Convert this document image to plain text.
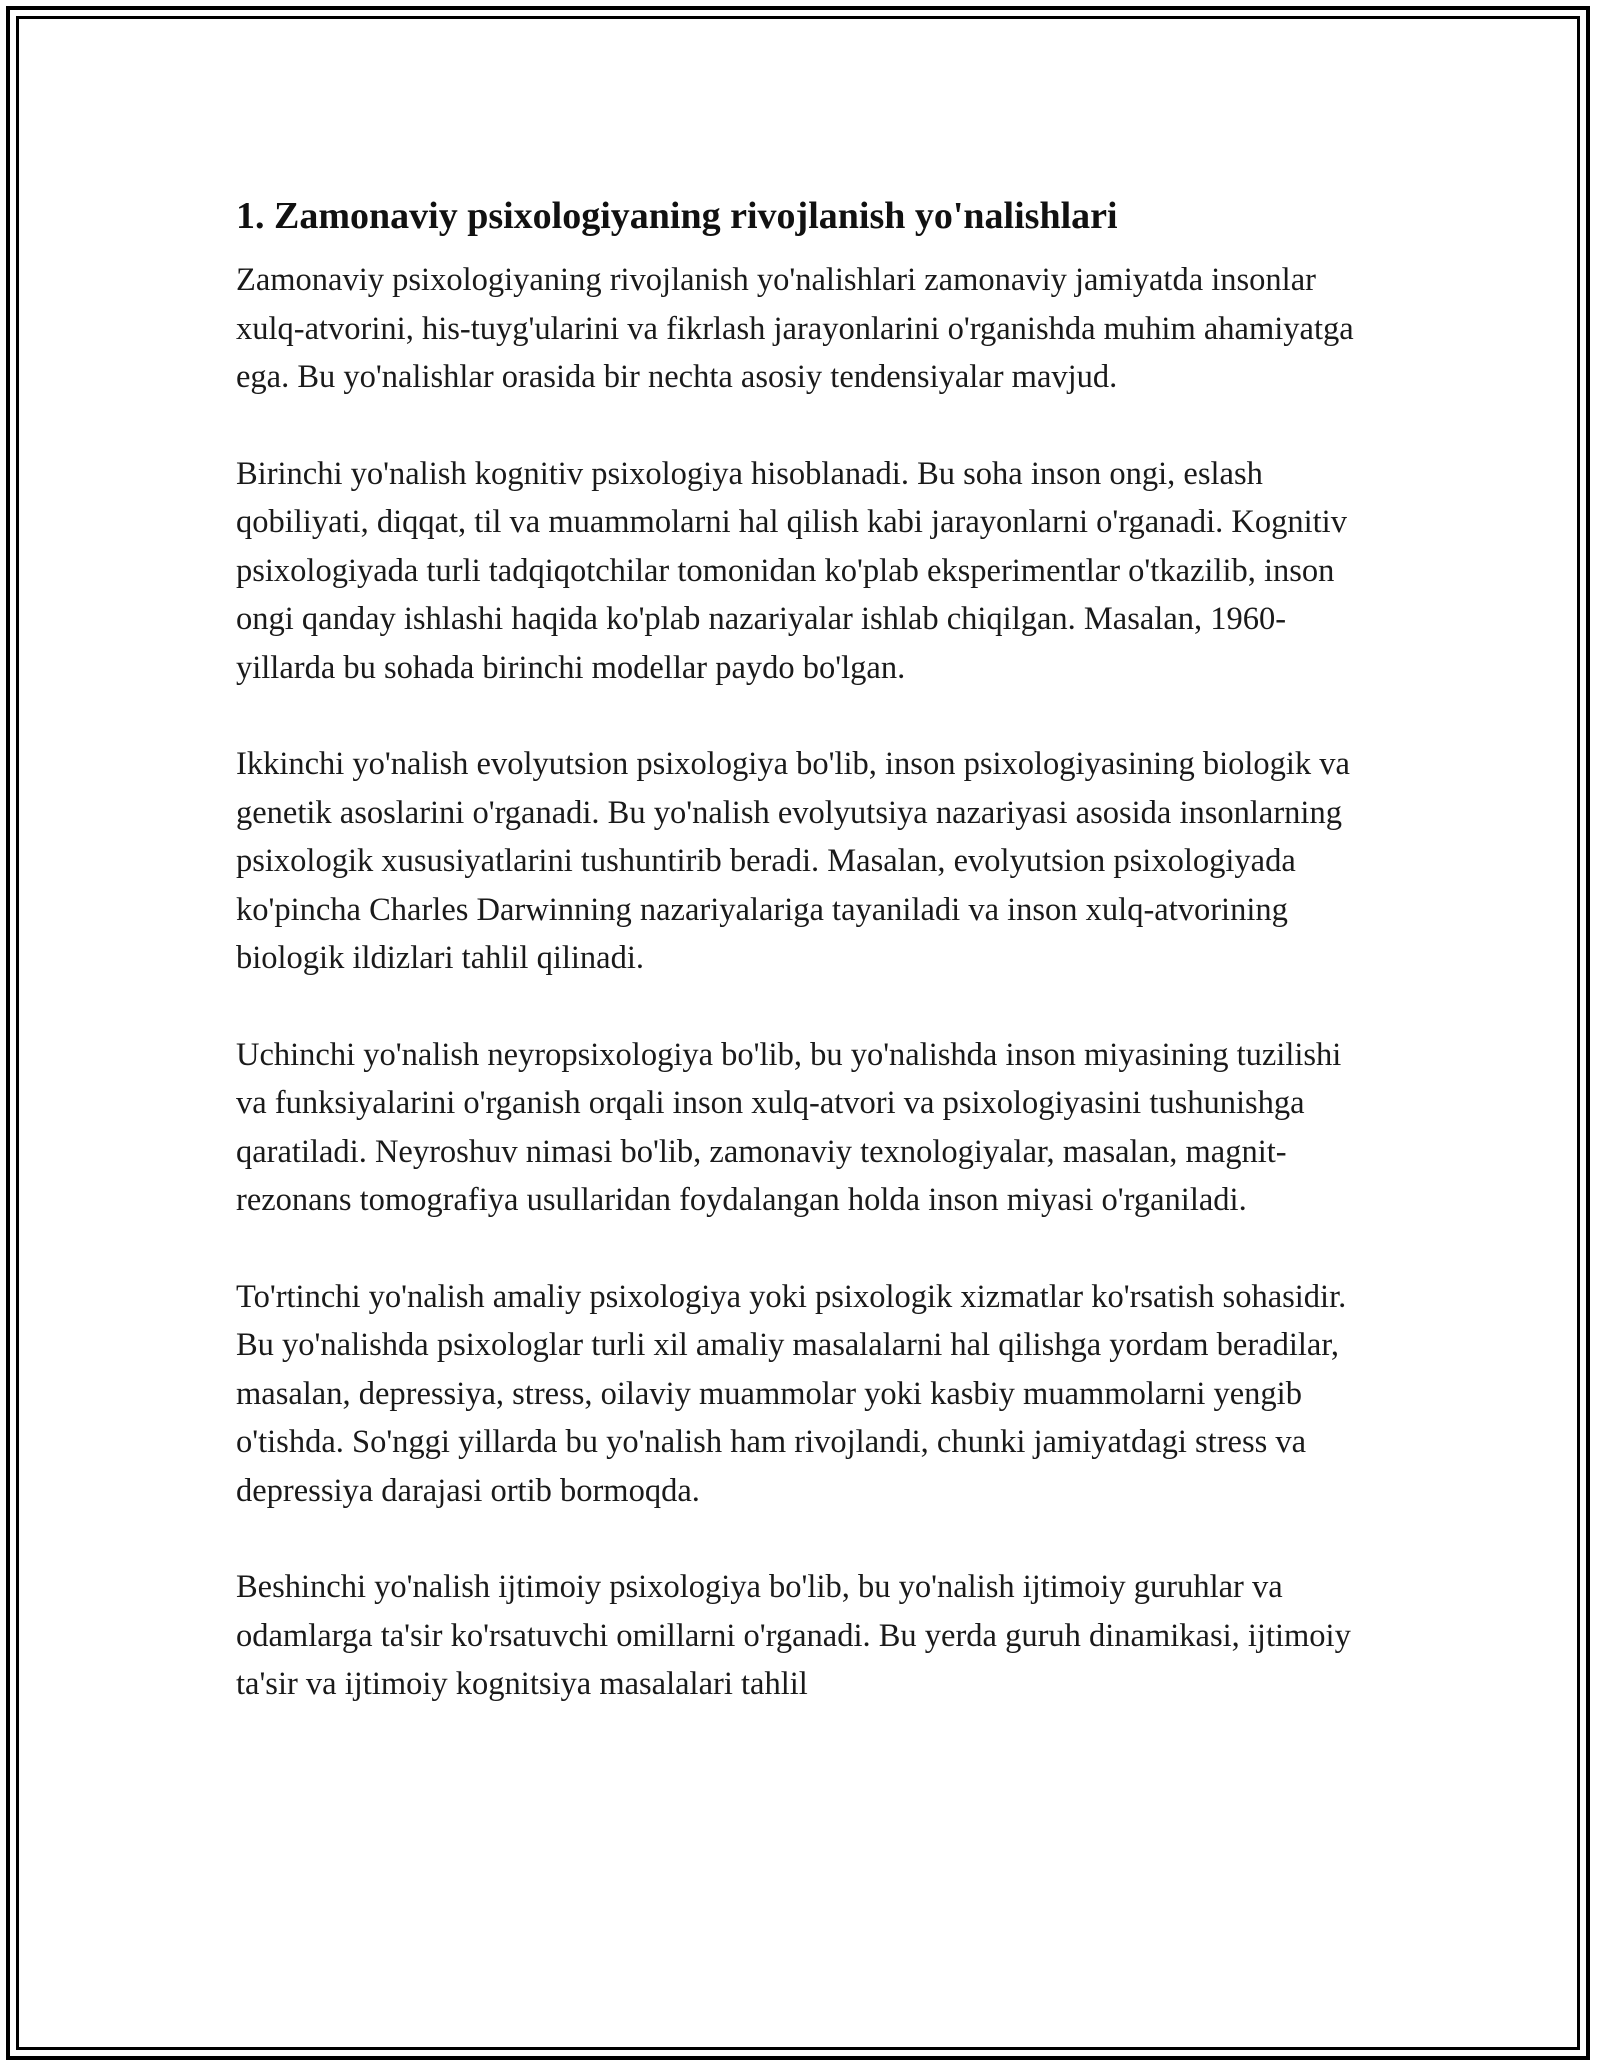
1. Zamonaviy psixologiyaning rivojlanish yo'nalishlari

Zamonaviy psixologiyaning rivojlanish yo'nalishlari zamonaviy jamiyatda insonlar xulq-atvorini, his-tuyg'ularini va fikrlash jarayonlarini o'rganishda muhim ahamiyatga ega. Bu yo'nalishlar orasida bir nechta asosiy tendensiyalar mavjud.

Birinchi yo'nalish kognitiv psixologiya hisoblanadi. Bu soha inson ongi, eslash qobiliyati, diqqat, til va muammolarni hal qilish kabi jarayonlarni o'rganadi. Kognitiv psixologiyada turli tadqiqotchilar tomonidan ko'plab eksperimentlar o'tkazilib, inson ongi qanday ishlashi haqida ko'plab nazariyalar ishlab chiqilgan. Masalan, 1960-yillarda bu sohada birinchi modellar paydo bo'lgan.

Ikkinchi yo'nalish evolyutsion psixologiya bo'lib, inson psixologiyasining biologik va genetik asoslarini o'rganadi. Bu yo'nalish evolyutsiya nazariyasi asosida insonlarning psixologik xususiyatlarini tushuntirib beradi. Masalan, evolyutsion psixologiyada ko'pincha Charles Darwinning nazariyalariga tayaniladi va inson xulq-atvorining biologik ildizlari tahlil qilinadi.

Uchinchi yo'nalish neyropsixologiya bo'lib, bu yo'nalishda inson miyasining tuzilishi va funksiyalarini o'rganish orqali inson xulq-atvori va psixologiyasini tushunishga qaratiladi. Neyroshuv nimasi bo'lib, zamonaviy texnologiyalar, masalan, magnit-rezonans tomografiya usullaridan foydalangan holda inson miyasi o'rganiladi.

To'rtinchi yo'nalish amaliy psixologiya yoki psixologik xizmatlar ko'rsatish sohasidir. Bu yo'nalishda psixologlar turli xil amaliy masalalarni hal qilishga yordam beradilar, masalan, depressiya, stress, oilaviy muammolar yoki kasbiy muammolarni yengib o'tishda. So'nggi yillarda bu yo'nalish ham rivojlandi, chunki jamiyatdagi stress va depressiya darajasi ortib bormoqda.

Beshinchi yo'nalish ijtimoiy psixologiya bo'lib, bu yo'nalish ijtimoiy guruhlar va odamlarga ta'sir ko'rsatuvchi omillarni o'rganadi. Bu yerda guruh dinamikasi, ijtimoiy ta'sir va ijtimoiy kognitsiya masalalari tahlil
